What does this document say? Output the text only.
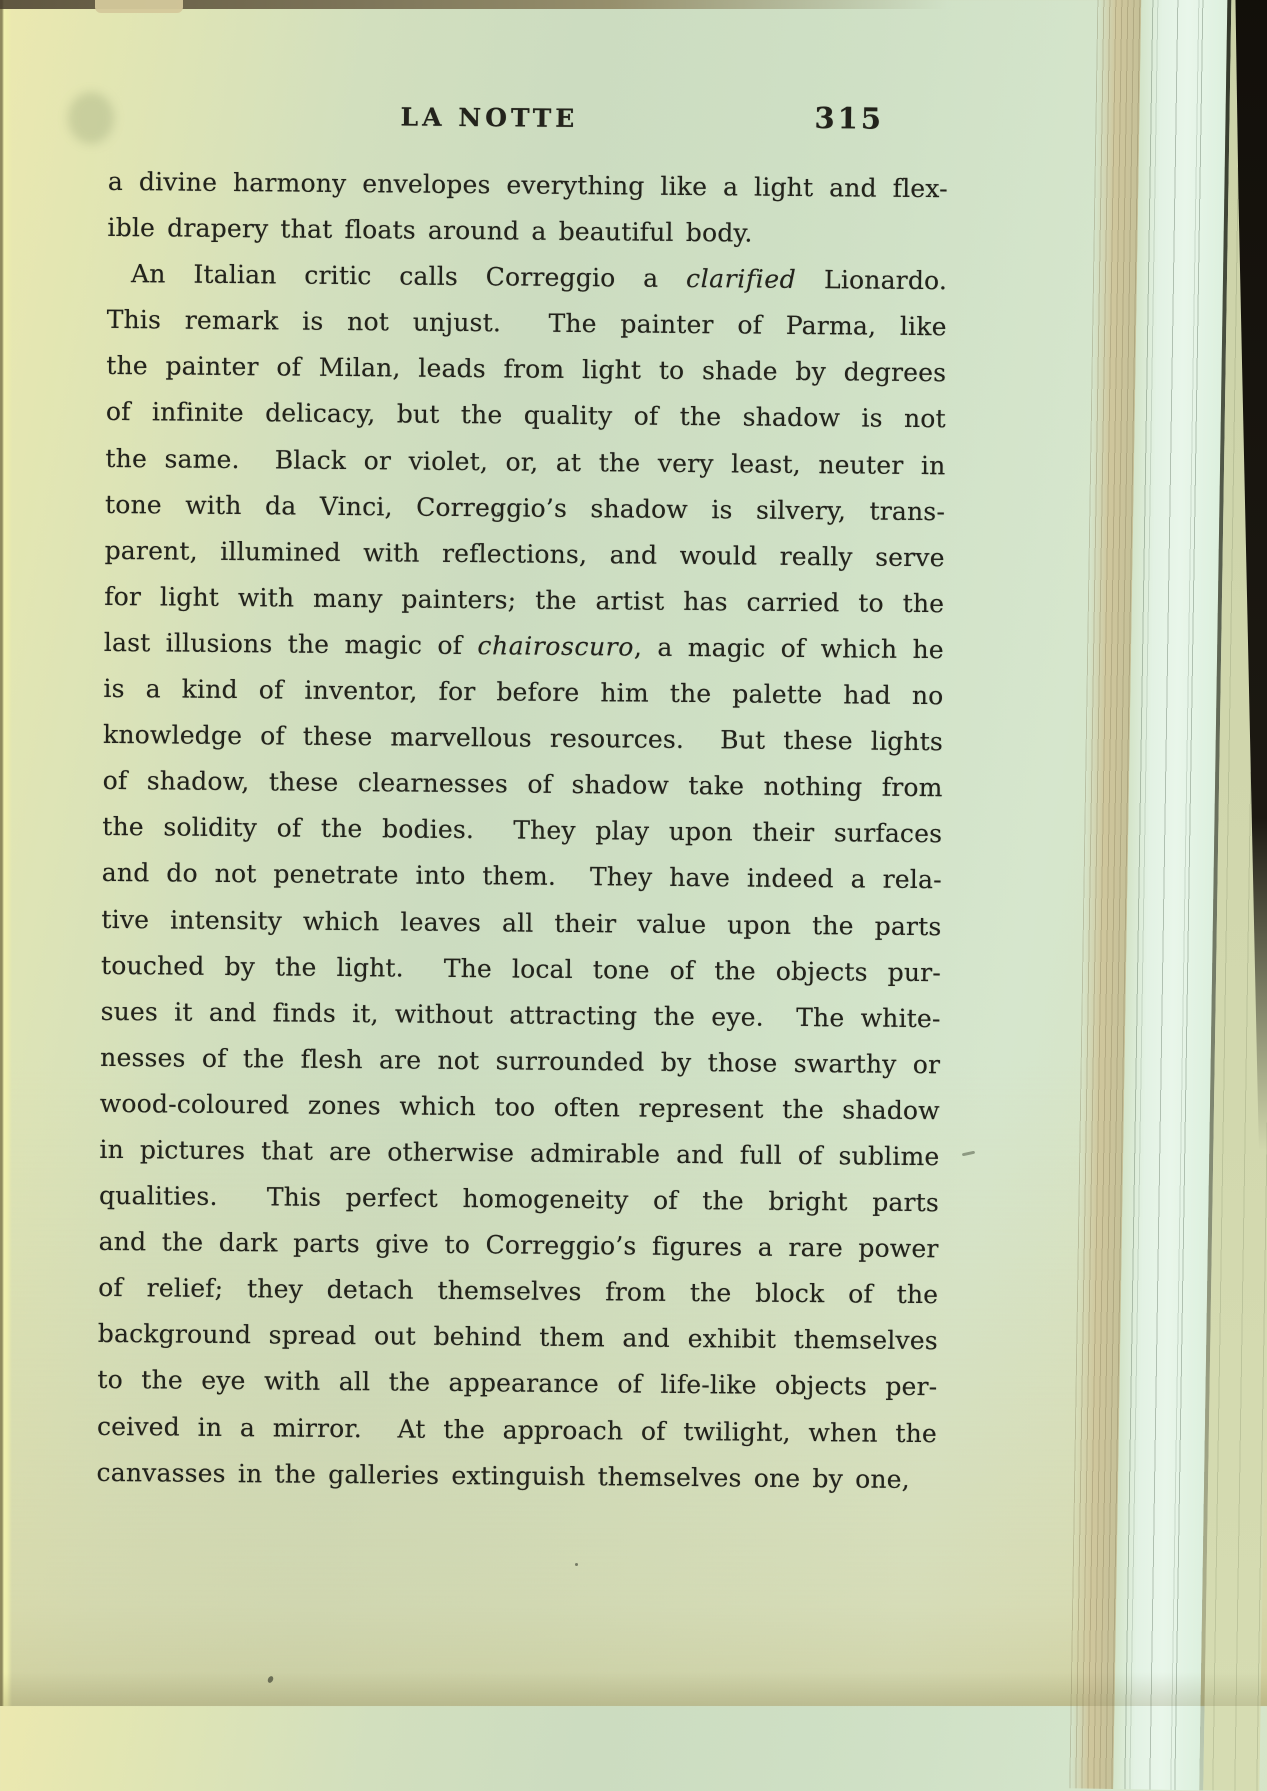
LA NOTTE	315
a divine harmony envelopes everything like a light and flex-
ible drapery that floats around a beautiful body.
An Italian critic calls Correggio a clarified Lionardo.
This remark is not unjust.  The painter of Parma, like
the painter of Milan, leads from light to shade by degrees
of infinite delicacy, but the quality of the shadow is not
the same.  Black or violet, or, at the very least, neuter in
tone with da Vinci, Correggio’s shadow is silvery, trans-
parent, illumined with reflections, and would really serve
for light with many painters; the artist has carried to the
last illusions the magic of chairoscuro, a magic of which he
is a kind of inventor, for before him the palette had no
knowledge of these marvellous resources.  But these lights
of shadow, these clearnesses of shadow take nothing from
the solidity of the bodies.  They play upon their surfaces
and do not penetrate into them.  They have indeed a rela-
tive intensity which leaves all their value upon the parts
touched by the light.  The local tone of the objects pur-
sues it and finds it, without attracting the eye.  The white-
nesses of the flesh are not surrounded by those swarthy or
wood-coloured zones which too often represent the shadow
in pictures that are otherwise admirable and full of sublime
qualities.  This perfect homogeneity of the bright parts
and the dark parts give to Correggio’s figures a rare power
of relief; they detach themselves from the block of the
background spread out behind them and exhibit themselves
to the eye with all the appearance of life-like objects per-
ceived in a mirror.  At the approach of twilight, when the
canvasses in the galleries extinguish themselves one by one,
